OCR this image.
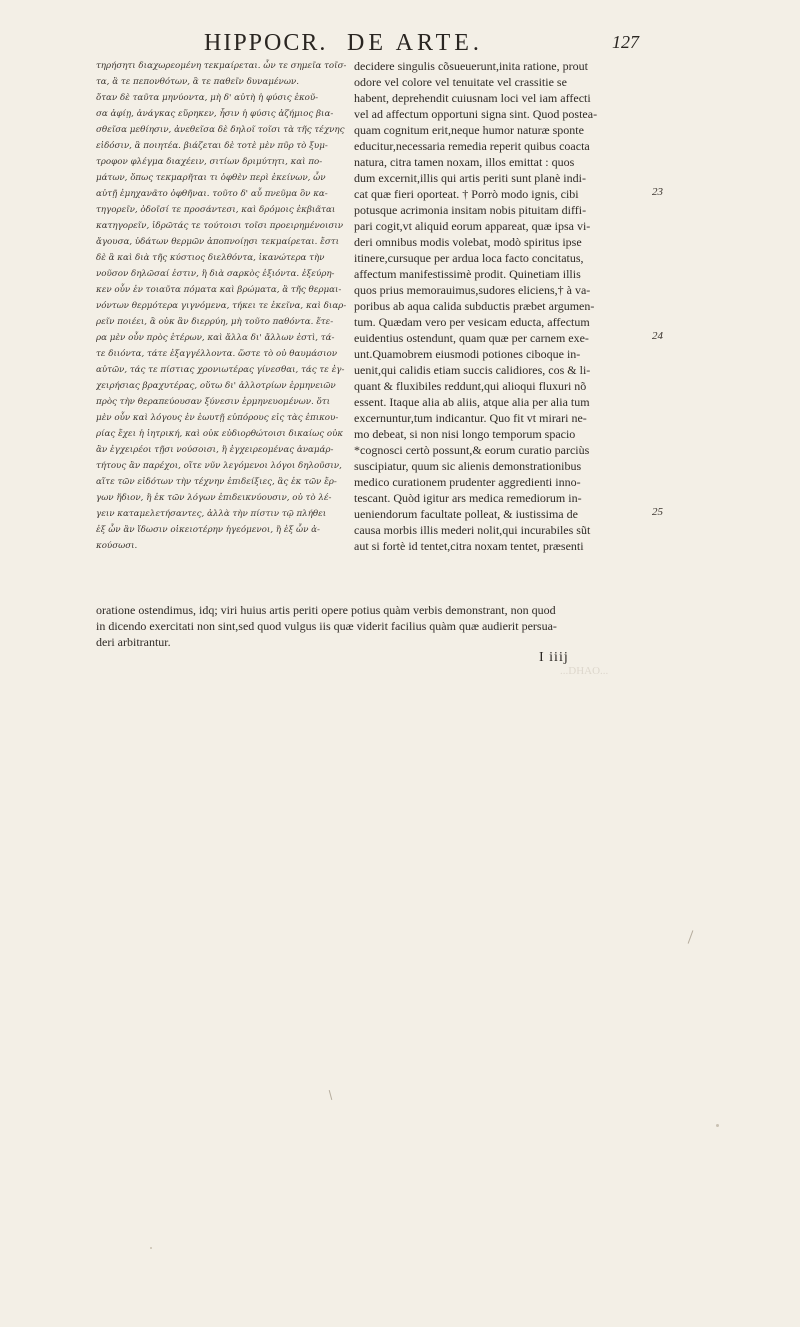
HIPPOCR. DE ARTE.	127
τηρήσητι διαχωρεομένη τεκμαίρεται. ὧν τε σημεῖα τοῖσ-
τα, ἃ τε πεπονθότων, ἃ τε παθεῖν δυναμένων.
ὅταν δὲ ταῦτα μηνύοντα, μὴ δ' αὐτὴ ἡ φύσις ἑκοῦ-
σα ἀφίῃ, ἀνάγκας εὕρηκεν, ἧσιν ἡ φύσις ἀζήμιος βια-
σθεῖσα μεθίησιν, ἀνεθεῖσα δὲ δηλοῖ τοῖσι τὰ τῆς τέχνης
εἰδόσιν, ἃ ποιητέα. βιάζεται δὲ τοτὲ μὲν πῦρ τὸ ξυμ-
τροφον φλέγμα διαχέειν, σιτίων δριμύτητι, καὶ πο-
μάτων, ὅπως τεκμαρῆται τι ὀφθὲν περὶ ἐκείνων, ὧν
αὐτῇ ἐμηχανᾶτο ὀφθῆναι. τοῦτο δ' αὖ πνεῦμα ὃν κα-
τηγορεῖν, ὁδοῖσί τε προσάντεσι, καὶ δρόμοις ἐκβιᾶται
κατηγορεῖν, ἱδρῶτάς τε τούτοισι τοῖσι προειρημένοισιν
ἄγουσα, ὑδάτων θερμῶν ἀποπνοίῃσι τεκμαίρεται. ἔστι
δὲ ἃ καὶ διὰ τῆς κύστιος διελθόντα, ἱκανώτερα τὴν
νοῦσον δηλῶσαί ἐστιν, ἢ διὰ σαρκὸς ἐξιόντα. ἐξεύρη-
κεν οὖν ἐν τοιαῦτα πόματα καὶ βρώματα, ἃ τῆς θερμαι-
νόντων θερμότερα γιγνόμενα, τήκει τε ἐκεῖνα, καὶ διαρ-
ρεῖν ποιέει, ἃ οὐκ ἂν διερρύη, μὴ τοῦτο παθόντα. ἕτε-
ρα μὲν οὖν πρὸς ἑτέρων, καὶ ἄλλα δι' ἄλλων ἐστὶ, τά-
τε διιόντα, τάτε ἐξαγγέλλοντα. ὥστε τὸ οὐ θαυμάσιον
αὐτῶν, τάς τε πίστιας χρονιωτέρας γίνεσθαι, τάς τε ἐγ-
χειρήσιας βραχυτέρας, οὕτω δι' ἀλλοτρίων ἑρμηνειῶν
πρὸς τὴν θεραπεύουσαν ξύνεσιν ἑρμηνευομένων. ὅτι
μὲν οὖν καὶ λόγους ἐν ἑωυτῇ εὐπόρους εἰς τὰς ἐπικου-
ρίας ἔχει ἡ ἰητρική, καὶ οὐκ εὐδιορθώτοισι δικαίως οὐκ
ἂν ἐγχειρέοι τῇσι νούσοισι, ἢ ἐγχειρεομένας ἀναμάρ-
τήτους ἂν παρέχοι, οἵτε νῦν λεγόμενοι λόγοι δηλοῦσιν,
αἵτε τῶν εἰδότων τὴν τέχνην ἐπιδείξιες, ἃς ἐκ τῶν ἔρ-
γων ἥδιον, ἢ ἐκ τῶν λόγων ἐπιδεικνύουσιν, οὐ τὸ λέ-
γειν καταμελετήσαντες, ἀλλὰ τὴν πίστιν τῷ πλήθει
ἐξ ὧν ἂν ἴδωσιν οἰκειοτέρην ἡγεόμενοι, ἢ ἐξ ὧν ἀ-
κούσωσι.
decidere singulis cõsueuerunt,inita ratione, prout
odore vel colore vel tenuitate vel crassitie se
habent, deprehendit cuiusnam loci vel iam affecti
vel ad affectum opportuni signa sint. Quod postea-
quam cognitum erit,neque humor naturæ sponte
educitur,necessaria remedia reperit quibus coacta
natura, citra tamen noxam, illos emittat : quos
dum excernit,illis qui artis periti sunt planè indi-
cat quæ fieri oporteat. † Porrò modo ignis, cibi
potusque acrimonia insitam nobis pituitam diffi-
pari cogit,vt aliquid eorum appareat, quæ ipsa vi-
deri omnibus modis volebat, modò spiritus ipse
itinere,cursuque per ardua loca facto concitatus,
affectum manifestissimè prodit. Quinetiam illis
quos prius memorauimus,sudores eliciens,† à va-
poribus ab aqua calida subductis præbet argumen-
tum. Quædam vero per vesicam educta, affectum
euidentius ostendunt, quam quæ per carnem exe-
unt.Quamobrem eiusmodi potiones ciboque in-
uenit,qui calidis etiam succis calidiores, cos & li-
quant & fluxibiles reddunt,qui alioqui fluxuri nõ
essent. Itaque alia ab aliis, atque alia per alia tum
excernuntur,tum indicantur. Quo fit vt mirari ne-
mo debeat, si non nisi longo temporum spacio
*cognosci certò possunt,& eorum curatio parciùs
suscipiatur, quum sic alienis demonstrationibus
medico curationem prudenter aggredienti inno-
tescant. Quòd igitur ars medica remediorum in-
ueniendorum facultate polleat, & iustissima de
causa morbis illis mederi nolit,qui incurabiles sũt
aut si fortè id tentet,citra noxam tentet, præsenti
23
24
25
oratione ostendimus, idq; viri huius artis periti opere potius quàm verbis demonstrant, non quod
in dicendo exercitati non sint,sed quod vulgus iis quæ viderit facilius quàm quæ audierit persua-
deri arbitrantur.
I iiij
...DHAO...
